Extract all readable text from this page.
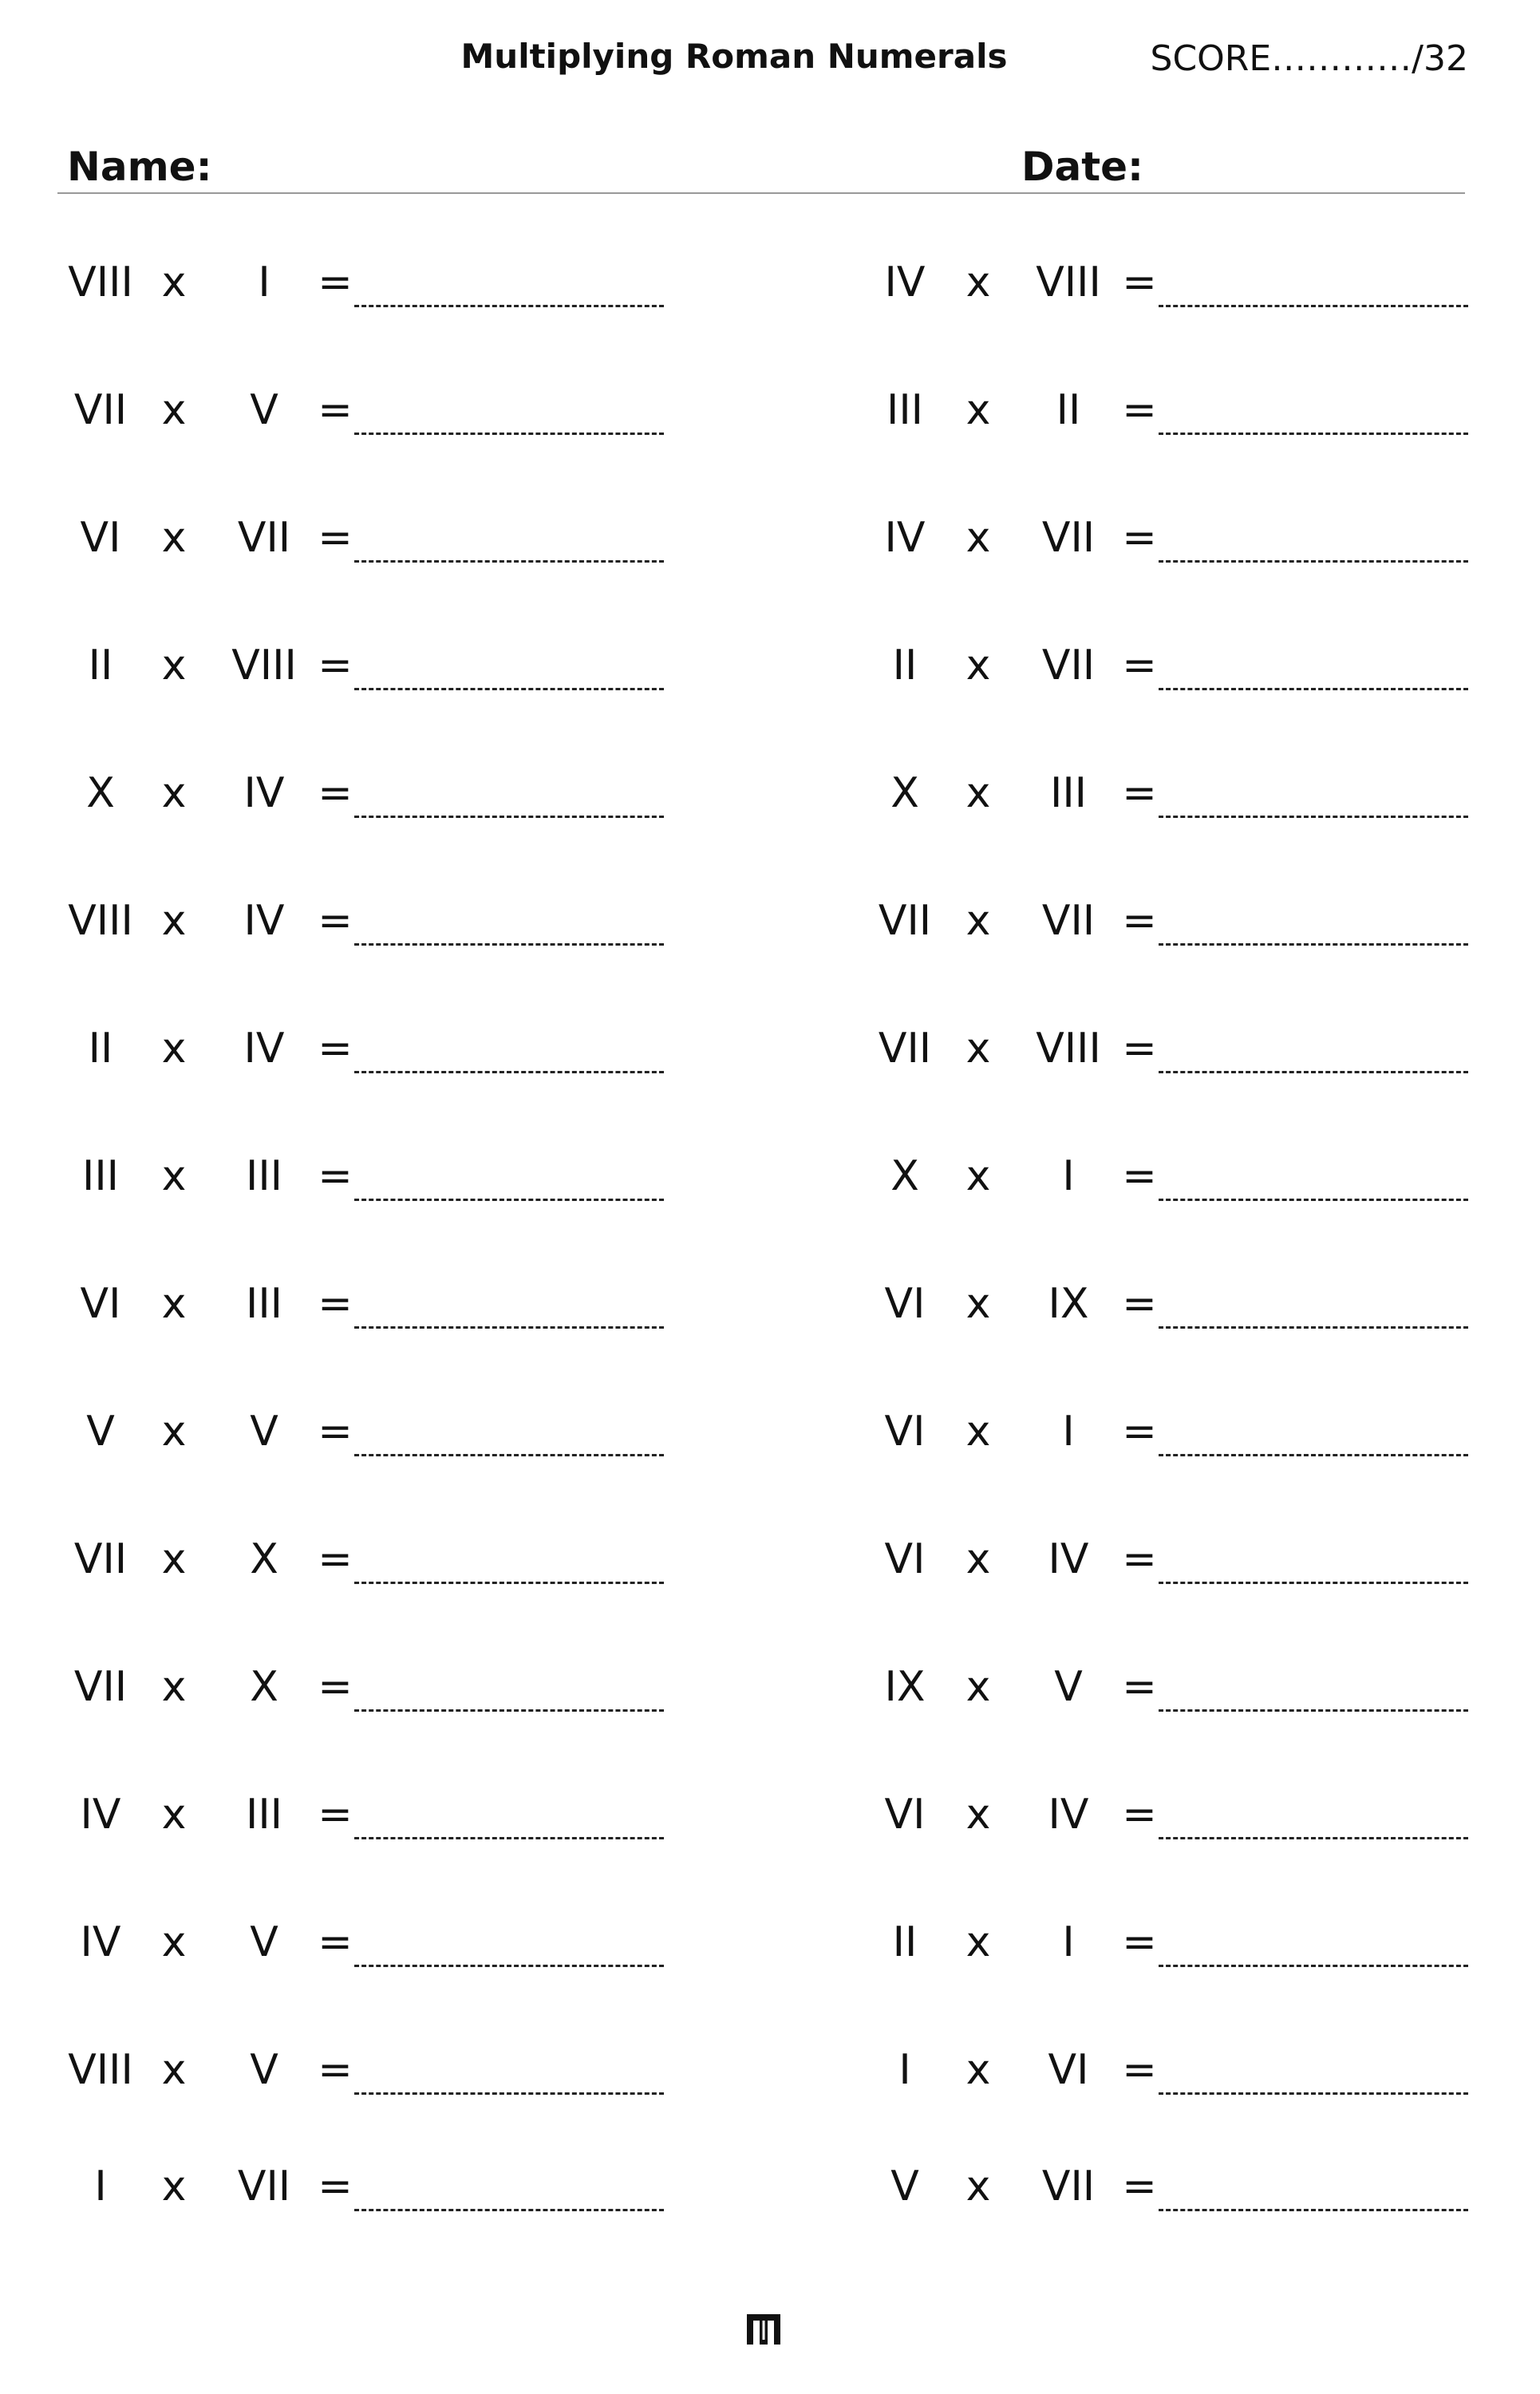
Multiplying Roman Numerals	SCORE…………/32
Name:	Date:
VIII x	I	=
VII x	V =
VI x	VII =
II	x	VIII =
X	x	IV =
VIII x	IV =
II	x	IV =
III	x	III =
VI x	III =
V	x	V =
VII x	X =
VII x	X =
IV x	III =
IV x	V =
VIII x	V =
I	x	VII =
IV x	VIII =
III	x	II =
IV x	VII =
II	x	VII =
X	x	III =
VII x	VII =
VII x	VIII =
X	x	I	=
VI x	IX =
VI x	I	=
VI x	IV =
IX x	V =
VI x	IV =
II	x	I	=
I	x	VI =
V	x	VII =
